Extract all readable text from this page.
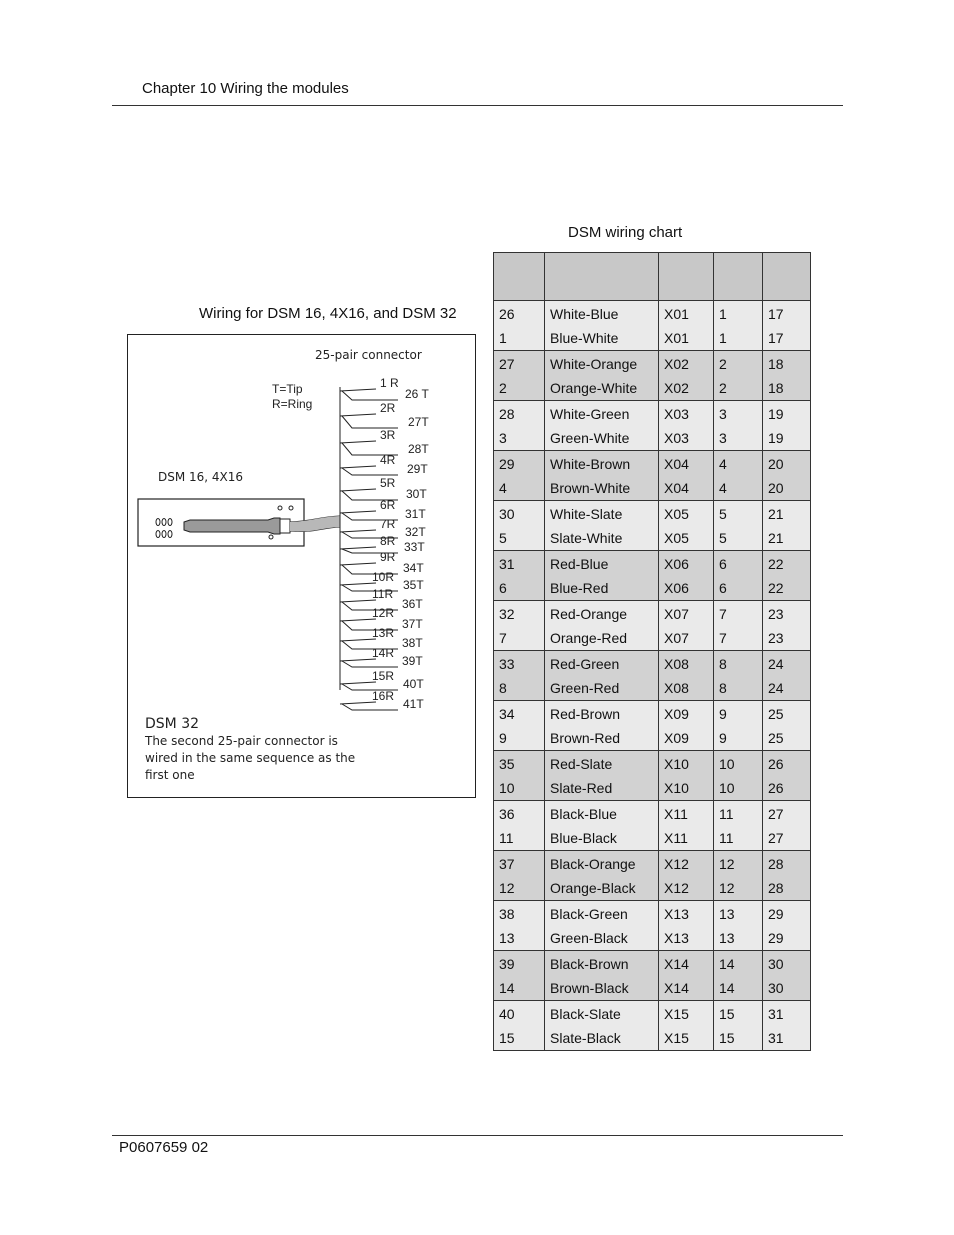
Chapter 10 Wiring the modules
Wiring for DSM 16, 4X16, and DSM 32
25-pair connector
T=Tip
R=Ring
DSM 16, 4X16
1 R
26 T
2R
27T
3R
28T
4R
29T
5R
30T
6R
31T
7R
32T
8R 33T
9R
34T
10R
35T
11R
36T
12R
37T
13R
38T
14R
39T
15R
40T
16R
41T
DSM 32
The second 25-pair connector is
wired in the same sequence as the
first one
DSM wiring chart

26	White-Blue	X01	1	17
1	Blue-White	X01	1	17
27	White-Orange	X02	2	18
2	Orange-White	X02	2	18
28	White-Green	X03	3	19
3	Green-White	X03	3	19
29	White-Brown	X04	4	20
4	Brown-White	X04	4	20
30	White-Slate	X05	5	21
5	Slate-White	X05	5	21
31	Red-Blue	X06	6	22
6	Blue-Red	X06	6	22
32	Red-Orange	X07	7	23
7	Orange-Red	X07	7	23
33	Red-Green	X08	8	24
8	Green-Red	X08	8	24
34	Red-Brown	X09	9	25
9	Brown-Red	X09	9	25
35	Red-Slate	X10	10	26
10	Slate-Red	X10	10	26
36	Black-Blue	X11	11	27
11	Blue-Black	X11	11	27
37	Black-Orange	X12	12	28
12	Orange-Black	X12	12	28
38	Black-Green	X13	13	29
13	Green-Black	X13	13	29
39	Black-Brown	X14	14	30
14	Brown-Black	X14	14	30
40	Black-Slate	X15	15	31
15	Slate-Black	X15	15	31
P0607659 02
